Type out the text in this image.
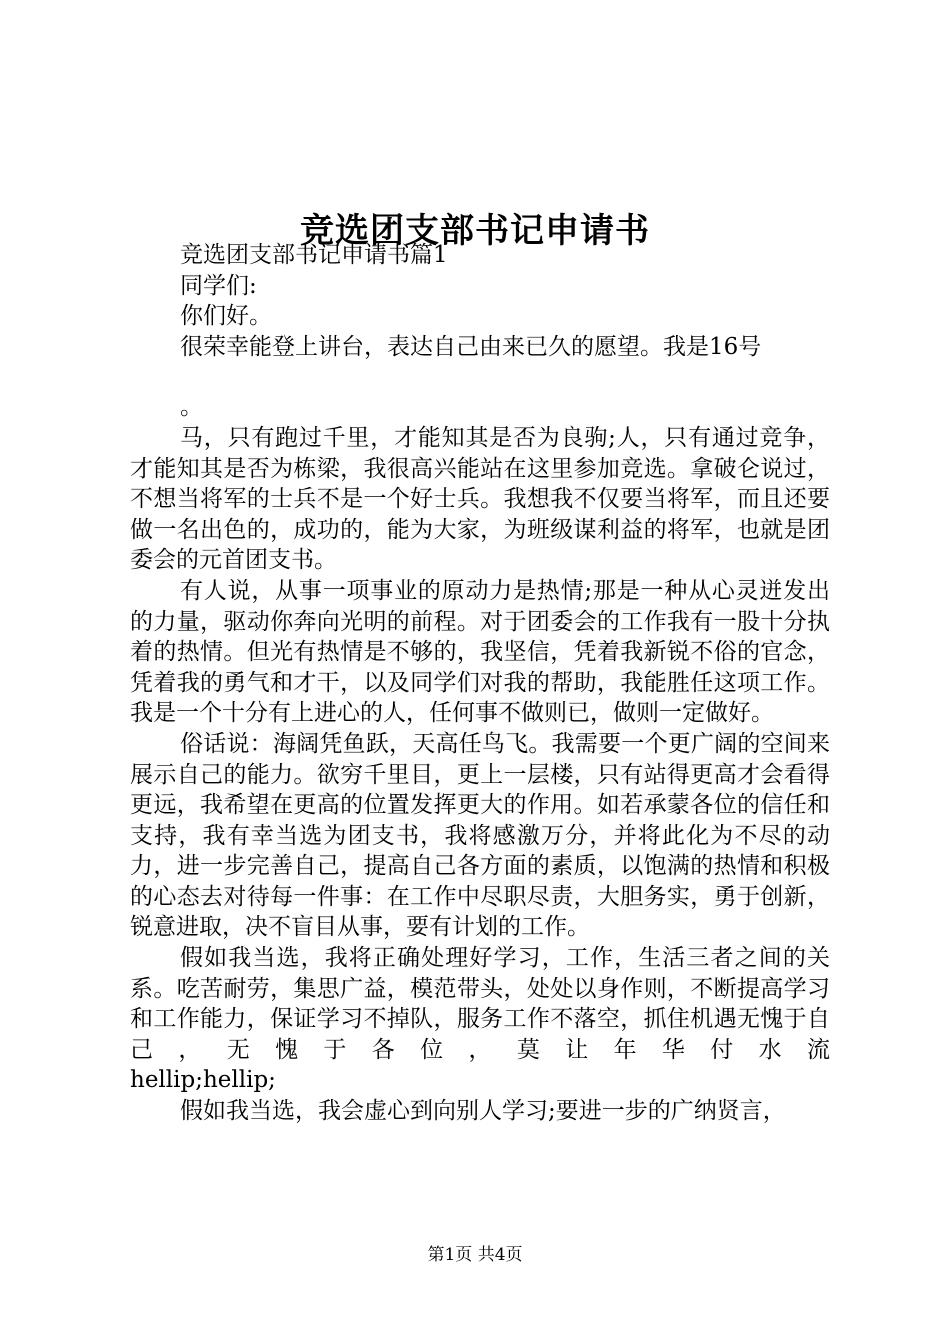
竞选团支部书记申请书

竞选团支部书记申请书篇1

同学们:

你们好。

很荣幸能登上讲台，表达自己由来已久的愿望。我是16号

。

马，只有跑过千里，才能知其是否为良驹;人，只有通过竞争，才能知其是否为栋梁，我很高兴能站在这里参加竞选。拿破仑说过，不想当将军的士兵不是一个好士兵。我想我不仅要当将军，而且还要做一名出色的，成功的，能为大家，为班级谋利益的将军，也就是团委会的元首团支书。

有人说，从事一项事业的原动力是热情;那是一种从心灵迸发出的力量，驱动你奔向光明的前程。对于团委会的工作我有一股十分执着的热情。但光有热情是不够的，我坚信，凭着我新锐不俗的官念，凭着我的勇气和才干，以及同学们对我的帮助，我能胜任这项工作。我是一个十分有上进心的人，任何事不做则已，做则一定做好。

俗话说：海阔凭鱼跃，天高任鸟飞。我需要一个更广阔的空间来展示自己的能力。欲穷千里目，更上一层楼，只有站得更高才会看得更远，我希望在更高的位置发挥更大的作用。如若承蒙各位的信任和支持，我有幸当选为团支书，我将感激万分，并将此化为不尽的动力，进一步完善自己，提高自己各方面的素质，以饱满的热情和积极的心态去对待每一件事：在工作中尽职尽责，大胆务实，勇于创新，锐意进取，决不盲目从事，要有计划的工作。

假如我当选，我将正确处理好学习，工作，生活三者之间的关系。吃苦耐劳，集思广益，模范带头，处处以身作则，不断提高学习和工作能力，保证学习不掉队，服务工作不落空，抓住机遇无愧于自己，无愧于各位，莫让年华付水流

hellip;hellip;

假如我当选，我会虚心到向别人学习;要进一步的广纳贤言，

第1页 共4页
